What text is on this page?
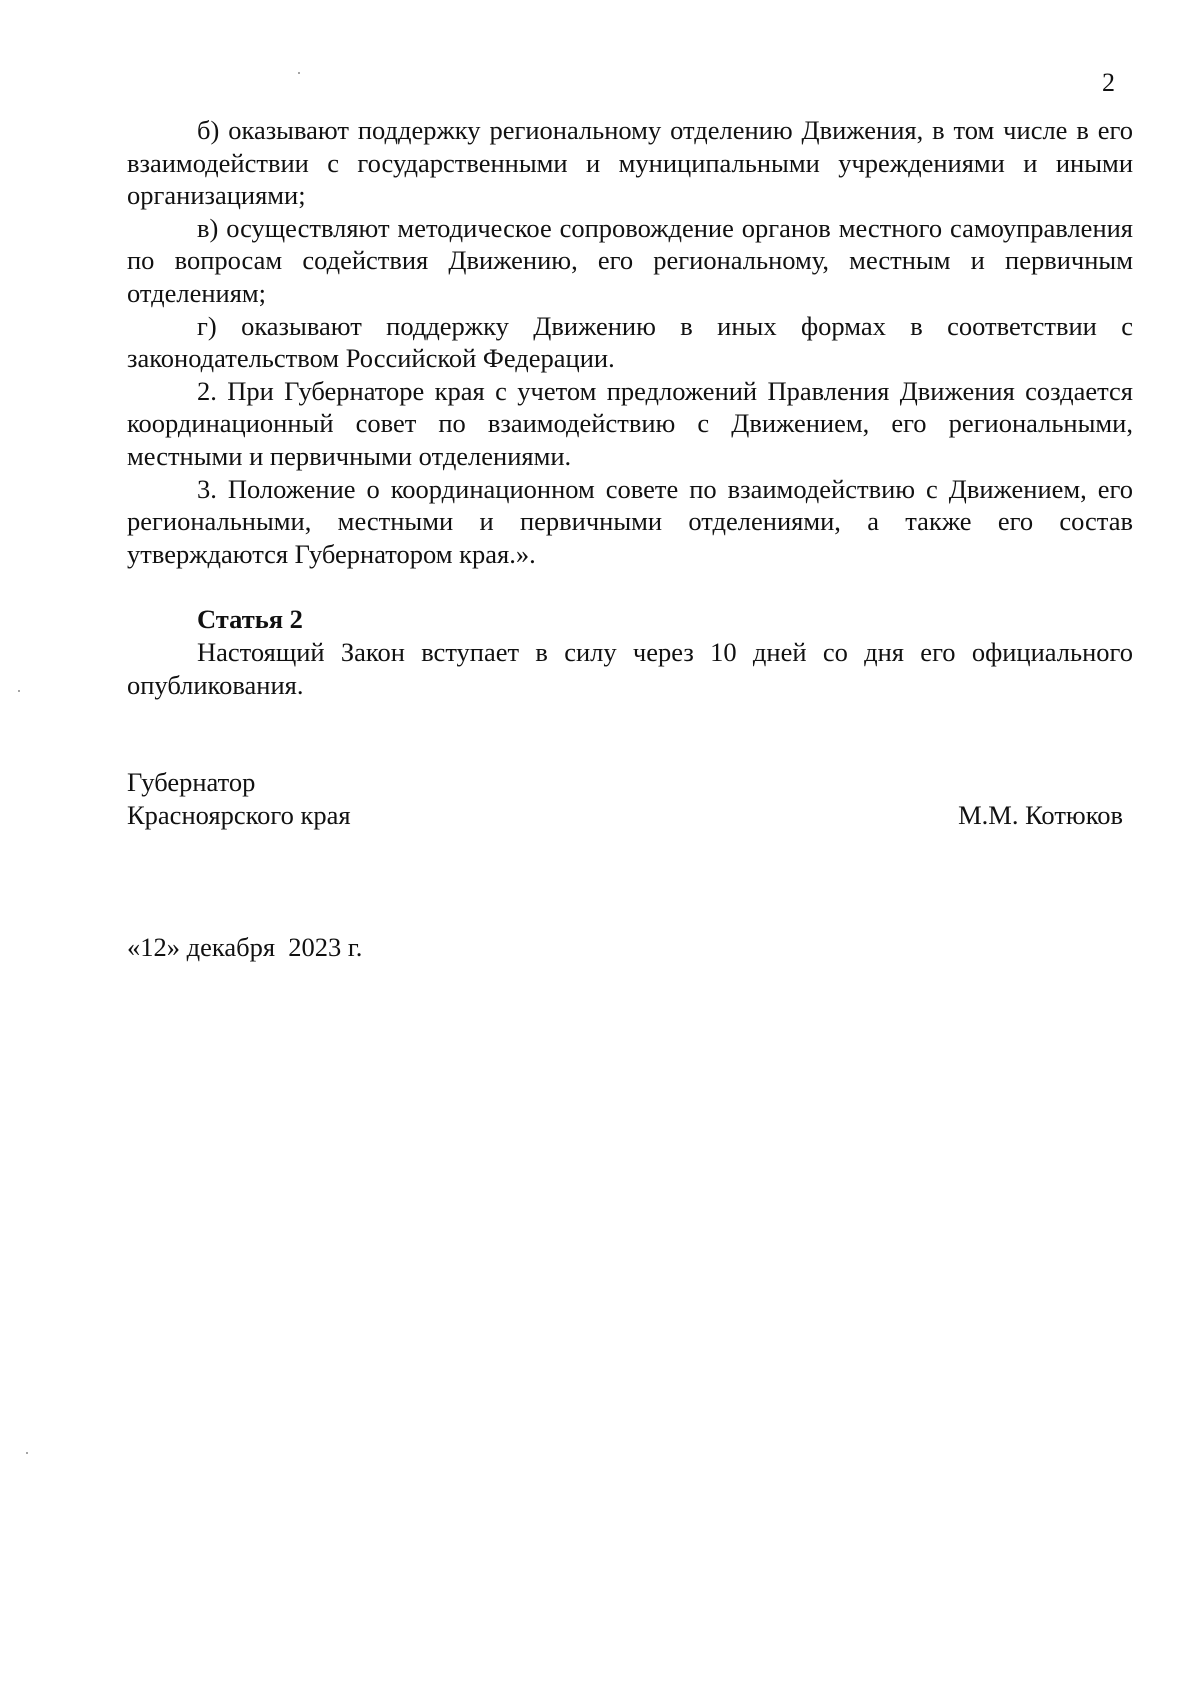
2

б) оказывают поддержку региональному отделению Движения, в том числе в его взаимодействии с государственными и муниципальными учреждениями и иными организациями;

в) осуществляют методическое сопровождение органов местного самоуправления по вопросам содействия Движению, его региональному, местным и первичным отделениям;

г) оказывают поддержку Движению в иных формах в соответствии с законодательством Российской Федерации.

2. При Губернаторе края с учетом предложений Правления Движения создается координационный совет по взаимодействию с Движением, его региональными, местными и первичными отделениями.

3. Положение о координационном совете по взаимодействию с Движением, его региональными, местными и первичными отделениями, а также его состав утверждаются Губернатором края.».

Статья 2

Настоящий Закон вступает в силу через 10 дней со дня его официального опубликования.

Губернатор
Красноярского края	М.М. Котюков
«12» декабря  2023 г.
